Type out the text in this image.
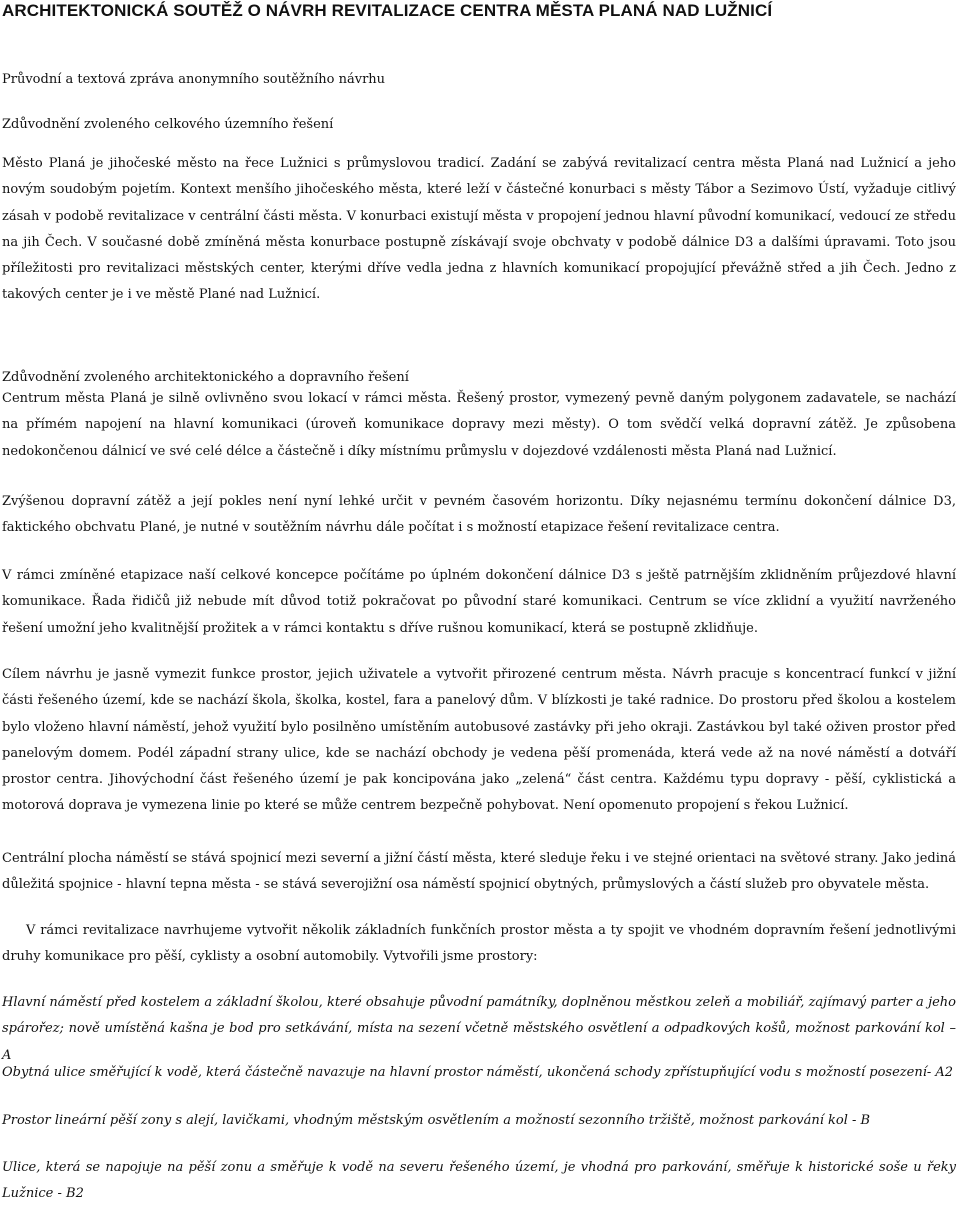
ARCHITEKTONICKÁ SOUTĚŽ O NÁVRH REVITALIZACE CENTRA MĚSTA PLANÁ NAD LUŽNICÍ

Průvodní a textová zpráva anonymního soutěžního návrhu

Zdůvodnění zvoleného celkového územního řešení

Město Planá je jihočeské město na řece Lužnici s průmyslovou tradicí. Zadání se zabývá revitalizací centra města Planá nad Lužnicí a jeho novým soudobým pojetím. Kontext menšího jihočeského města, které leží v částečné konurbaci s městy Tábor a Sezimovo Ústí, vyžaduje citlivý zásah v podobě revitalizace v centrální části města. V konurbaci existují města v propojení jednou hlavní původní komunikací, vedoucí ze středu na jih Čech. V současné době zmíněná města konurbace postupně získávají svoje obchvaty v podobě dálnice D3 a dalšími úpravami. Toto jsou příležitosti pro revitalizaci městských center, kterými dříve vedla jedna z hlavních komunikací propojující převážně střed a jih Čech. Jedno z takových center je i ve městě Plané nad Lužnicí.

Zdůvodnění zvoleného architektonického a dopravního řešení

Centrum města Planá je silně ovlivněno svou lokací v rámci města. Řešený prostor, vymezený pevně daným polygonem zadavatele, se nachází na přímém napojení na hlavní komunikaci (úroveň komunikace dopravy mezi městy). O tom svědčí velká dopravní zátěž. Je způsobena nedokončenou dálnicí ve své celé délce a částečně i díky místnímu průmyslu v dojezdové vzdálenosti města Planá nad Lužnicí.

Zvýšenou dopravní zátěž a její pokles není nyní lehké určit v pevném časovém horizontu. Díky nejasnému termínu dokončení dálnice D3, faktického obchvatu Plané, je nutné v soutěžním návrhu dále počítat i s možností etapizace řešení revitalizace centra.

V rámci zmíněné etapizace naší celkové koncepce počítáme po úplném dokončení dálnice D3 s ještě patrnějším zklidněním průjezdové hlavní komunikace. Řada řidičů již nebude mít důvod totiž pokračovat po původní staré komunikaci. Centrum se více zklidní a využití navrženého řešení umožní jeho kvalitnější prožitek a v rámci kontaktu s dříve rušnou komunikací, která se postupně zklidňuje.

Cílem návrhu je jasně vymezit funkce prostor, jejich uživatele a vytvořit přirozené centrum města. Návrh pracuje s koncentrací funkcí v jižní části řešeného území, kde se nachází škola, školka, kostel, fara a panelový dům. V blízkosti je také radnice. Do prostoru před školou a kostelem bylo vloženo hlavní náměstí, jehož využití bylo posilněno umístěním autobusové zastávky při jeho okraji. Zastávkou byl také oživen prostor před panelovým domem. Podél západní strany ulice, kde se nachází obchody je vedena pěší promenáda, která vede až na nové náměstí a dotváří prostor centra. Jihovýchodní část řešeného území je pak koncipována jako „zelená“ část centra. Každému typu dopravy - pěší, cyklistická a motorová doprava je vymezena linie po které se může centrem bezpečně pohybovat. Není opomenuto propojení s řekou Lužnicí.

Centrální plocha náměstí se stává spojnicí mezi severní a jižní částí města, které sleduje řeku i ve stejné orientaci na světové strany. Jako jediná důležitá spojnice - hlavní tepna města - se stává severojižní osa náměstí spojnicí obytných, průmyslových a částí služeb pro obyvatele města.

V rámci revitalizace navrhujeme vytvořit několik základních funkčních prostor města a ty spojit ve vhodném dopravním řešení jednotlivými druhy komunikace pro pěší, cyklisty a osobní automobily. Vytvořili jsme prostory:

Hlavní náměstí před kostelem a základní školou, které obsahuje původní památníky, doplněnou městkou zeleň a mobiliář, zajímavý parter a jeho spárořez; nově umístěná kašna je bod pro setkávání, místa na sezení včetně městského osvětlení a odpadkových košů, možnost parkování kol – A

Obytná ulice směřující k vodě, která částečně navazuje na hlavní prostor náměstí, ukončená schody zpřístupňující vodu s možností posezení- A2

Prostor lineární pěší zony s alejí, lavičkami, vhodným městským osvětlením a možností sezonního tržiště, možnost parkování kol - B

Ulice, která se napojuje na pěší zonu a směřuje k vodě na severu řešeného území, je vhodná pro parkování, směřuje k historické soše u řeky Lužnice - B2
